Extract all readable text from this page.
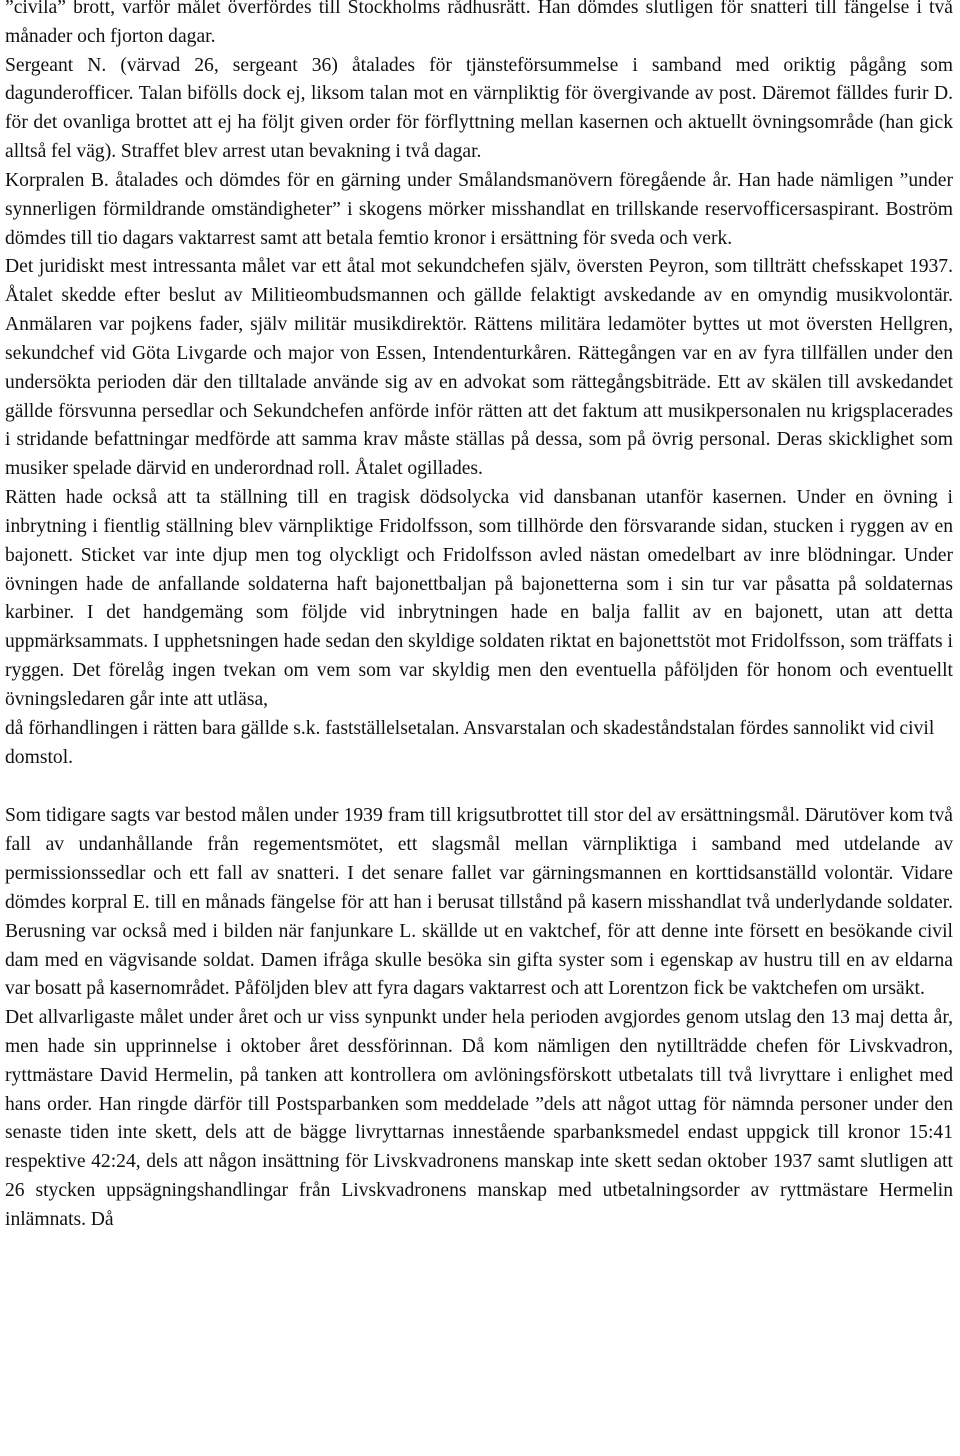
”civila” brott, varför målet överfördes till Stockholms rådhusrätt. Han dömdes slutligen för snatteri till fängelse i två månader och fjorton dagar.

Sergeant N. (värvad 26, sergeant 36) åtalades för tjänsteförsummelse i samband med oriktig pågång som dagunderofficer. Talan bifölls dock ej, liksom talan mot en värnpliktig för övergivande av post. Däremot fälldes furir D. för det ovanliga brottet att ej ha följt given order för förflyttning mellan kasernen och aktuellt övningsområde (han gick alltså fel väg). Straffet blev arrest utan bevakning i två dagar.

Korpralen B. åtalades och dömdes för en gärning under Smålandsmanövern föregående år. Han hade nämligen ”under synnerligen förmildrande omständigheter” i skogens mörker misshandlat en trillskande reservofficersaspirant. Boström dömdes till tio dagars vaktarrest samt att betala femtio kronor i ersättning för sveda och verk.

Det juridiskt mest intressanta målet var ett åtal mot sekundchefen själv, översten Peyron, som tillträtt chefsskapet 1937. Åtalet skedde efter beslut av Militieombudsmannen och gällde felaktigt avskedande av en omyndig musikvolontär. Anmälaren var pojkens fader, själv militär musikdirektör. Rättens militära ledamöter byttes ut mot översten Hellgren, sekundchef vid Göta Livgarde och major von Essen, Intendenturkåren. Rättegången var en av fyra tillfällen under den undersökta perioden där den tilltalade använde sig av en advokat som rättegångsbiträde. Ett av skälen till avskedandet gällde försvunna persedlar och Sekundchefen anförde inför rätten att det faktum att musikpersonalen nu krigsplacerades i stridande befattningar medförde att samma krav måste ställas på dessa, som på övrig personal. Deras skicklighet som musiker spelade därvid en underordnad roll. Åtalet ogillades.

Rätten hade också att ta ställning till en tragisk dödsolycka vid dansbanan utanför kasernen. Under en övning i inbrytning i fientlig ställning blev värnpliktige Fridolfsson, som tillhörde den försvarande sidan, stucken i ryggen av en bajonett. Sticket var inte djup men tog olyckligt och Fridolfsson avled nästan omedelbart av inre blödningar. Under övningen hade de anfallande soldaterna haft bajonettbaljan på bajonetterna som i sin tur var påsatta på soldaternas karbiner. I det handgemäng som följde vid inbrytningen hade en balja fallit av en bajonett, utan att detta uppmärksammats. I upphetsningen hade sedan den skyldige soldaten riktat en bajonettstöt mot Fridolfsson, som träffats i ryggen. Det förelåg ingen tvekan om vem som var skyldig men den eventuella påföljden för honom och eventuellt övningsledaren går inte att utläsa,

då förhandlingen i rätten bara gällde s.k. fastställelsetalan. Ansvarstalan och skadeståndstalan fördes sannolikt vid civil domstol.

Som tidigare sagts var bestod målen under 1939 fram till krigsutbrottet till stor del av ersättningsmål. Därutöver kom två fall av undanhållande från regementsmötet, ett slagsmål mellan värnpliktiga i samband med utdelande av permissionssedlar och ett fall av snatteri. I det senare fallet var gärningsmannen en korttidsanställd volontär. Vidare dömdes korpral E. till en månads fängelse för att han i berusat tillstånd på kasern misshandlat två underlydande soldater. Berusning var också med i bilden när fanjunkare L. skällde ut en vaktchef, för att denne inte försett en besökande civil dam med en vägvisande soldat. Damen ifråga skulle besöka sin gifta syster som i egenskap av hustru till en av eldarna var bosatt på kasernområdet. Påföljden blev att fyra dagars vaktarrest och att Lorentzon fick be vaktchefen om ursäkt.

Det allvarligaste målet under året och ur viss synpunkt under hela perioden avgjordes genom utslag den 13 maj detta år, men hade sin upprinnelse i oktober året dessförinnan. Då kom nämligen den nytillträdde chefen för Livskvadron, ryttmästare David Hermelin, på tanken att kontrollera om avlöningsförskott utbetalats till två livryttare i enlighet med hans order. Han ringde därför till Postsparbanken som meddelade ”dels att något uttag för nämnda personer under den senaste tiden inte skett, dels att de bägge livryttarnas innestående sparbanksmedel endast uppgick till kronor 15:41 respektive 42:24, dels att någon insättning för Livskvadronens manskap inte skett sedan oktober 1937 samt slutligen att 26 stycken uppsägningshandlingar från Livskvadronens manskap med utbetalningsorder av ryttmästare Hermelin inlämnats. Då
